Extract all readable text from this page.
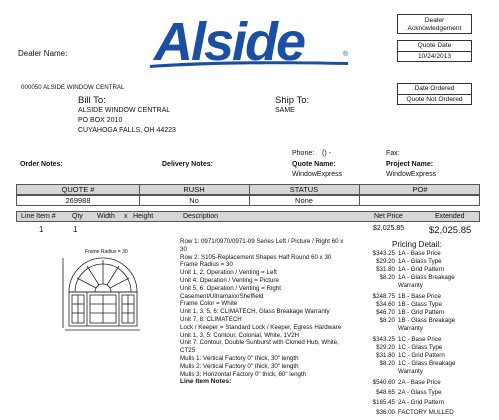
Dealer Name: Alside	®
Dealer
Acknowledgement
Quote Date
10/24/2013
Date Ordered
Quote Not Ordered
000050 ALSIDE WINDOW CENTRAL
Bill To:
ALSIDE WINDOW CENTRAL
PO BOX 2010
CUYAHOGA FALLS, OH 44223
Ship To:
SAME
Phone: () -	Fax:
Order Notes:	Delivery Notes:	Quote Name:	Project Name:
WindowExpress	WindowExpress
QUOTE #	RUSH	STATUS	PO#
269988	No	None
Line Item # Qty Width x Height	Description	Net Price	Extended
1	1	$2,025.85	$2,025.85
Frame Radius = 30
Row 1: 0971/0970/0971-09 Series Left / Picture / Right 60 x
30
Row 2: S105-Replacement Shapes Half Round 60 x 30
Frame Radius = 30
Unit 1, 2: Operation / Venting = Left
Unit 4: Operation / Venting = Picture
Unit 5, 6: Operation / Venting = Right
Casement/Ultramaxx/Sheffield
Frame Color = White
Unit 1, 3, 5, 6: CLIMATECH, Glass Breakage Warranty
Unit 7, 8: CLIMATECH
Lock / Keeper = Standard Lock / Keeper, Egress Hardware
Unit 1, 3, 5: Contour, Colonial, White, 1V2H
Unit 7: Contour, Double Sunburst with Cloned Hub, White,
CT25
Mulls 1: Vertical Factory 0" thick, 30" length
Mulls 2: Vertical Factory 0" thick, 30" length
Mulls 3: Horizontal Factory 0" thick, 60" length
Line Item Notes:
Pricing Detail:
$343.25 1A - Base Price
$29.20 1A - Glass Type
$31.80 1A - Grid Pattern
$8.20 1A - Glass Breakage
Warranty
$248.75 1B - Base Price
$34.60 1B - Glass Type
$46.70 1B - Grid Pattern
$8.20 1B - Glass Breakage
Warranty
$343.25 1C - Base Price
$29.20 1C - Glass Type
$31.80 1C - Grid Pattern
$8.20 1C - Glass Breakage
Warranty
$540.60 2A - Base Price
$48.65 2A - Glass Type
$165.45 2A - Grid Pattern
$36.00 FACTORY MULLED
